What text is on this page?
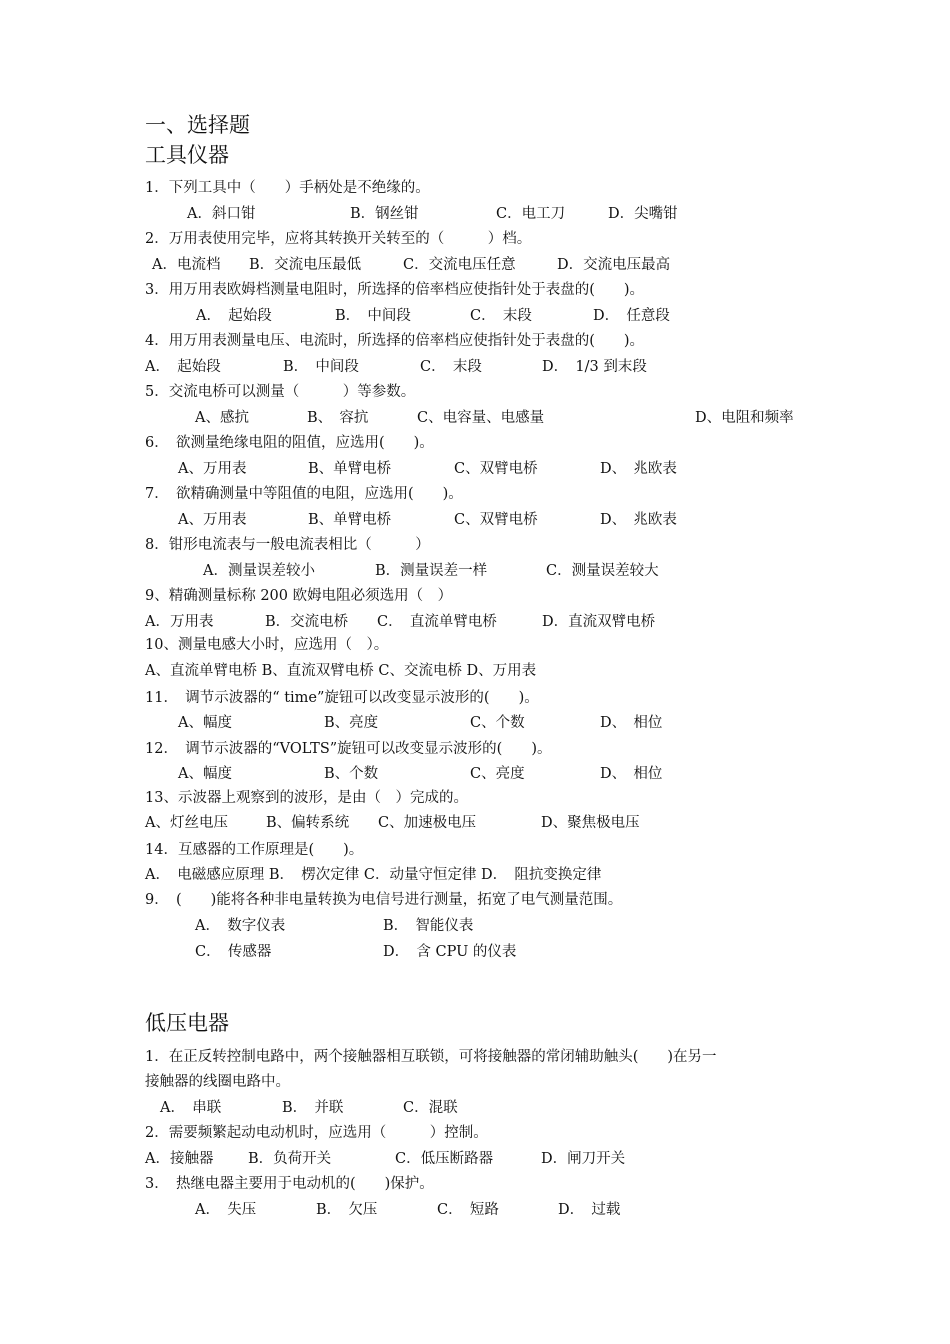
一、选择题
工具仪器
1．下列工具中（　　）手柄处是不绝缘的。
A．斜口钳	B．钢丝钳	C．电工刀	D．尖嘴钳
2．万用表使用完毕，应将其转换开关转至的（　　　）档。
A．电流档 B．交流电压最低	C．交流电压任意	D．交流电压最高
3．用万用表欧姆档测量电阻时，所选择的倍率档应使指针处于表盘的(　　)。
A．　起始段	B．　中间段	C．　末段	D．　任意段
4．用万用表测量电压、电流时，所选择的倍率档应使指针处于表盘的(　　)。
A．　起始段	B．　中间段	C．　末段	D．　1/3 到末段
5．交流电桥可以测量（　　　）等参数。
A、感抗	B、　容抗	C、电容量、电感量	D、电阻和频率
6．　欲测量绝缘电阻的阻值，应选用(　　)。
A、万用表	B、单臂电桥	C、双臂电桥	D、　兆欧表
7．　欲精确测量中等阻值的电阻，应选用(　　)。
A、万用表	B、单臂电桥	C、双臂电桥	D、　兆欧表
8．钳形电流表与一般电流表相比（　　　）
A．测量误差较小	B．测量误差一样	C．测量误差较大
9、精确测量标称 200 欧姆电阻必须选用（　）
A．万用表	B．交流电桥 C．　直流单臂电桥	D．直流双臂电桥
10、测量电感大小时，应选用（　）。
A、直流单臂电桥 B、直流双臂电桥 C、交流电桥 D、万用表
11．　调节示波器的“ time”旋钮可以改变显示波形的(　　)。
A、幅度	B、亮度	C、个数	D、　相位
12．　调节示波器的“VOLTS”旋钮可以改变显示波形的(　　)。
A、幅度	B、个数	C、亮度	D、　相位
13、示波器上观察到的波形，是由（　）完成的。
A、灯丝电压	B、偏转系统 C、加速极电压	D、聚焦极电压
14．互感器的工作原理是(　　)。
A．　电磁感应原理 B．　楞次定律 C．动量守恒定律 D．　阻抗变换定律
9．　(　　)能将各种非电量转换为电信号进行测量，拓宽了电气测量范围。
A．　数字仪表	B．　智能仪表
C．　传感器	D．　含 CPU 的仪表
低压电器
1．在正反转控制电路中，两个接触器相互联锁，可将接触器的常闭辅助触头(　　)在另一
接触器的线圈电路中。
A．　串联	B．　并联	C．混联
2．需要频繁起动电动机时，应选用（　　　）控制。
A．接触器 B．负荷开关	C．低压断路器	D．闸刀开关
3．　热继电器主要用于电动机的(　　)保护。
A．　失压	B．　欠压	C．　短路	D．　过载
